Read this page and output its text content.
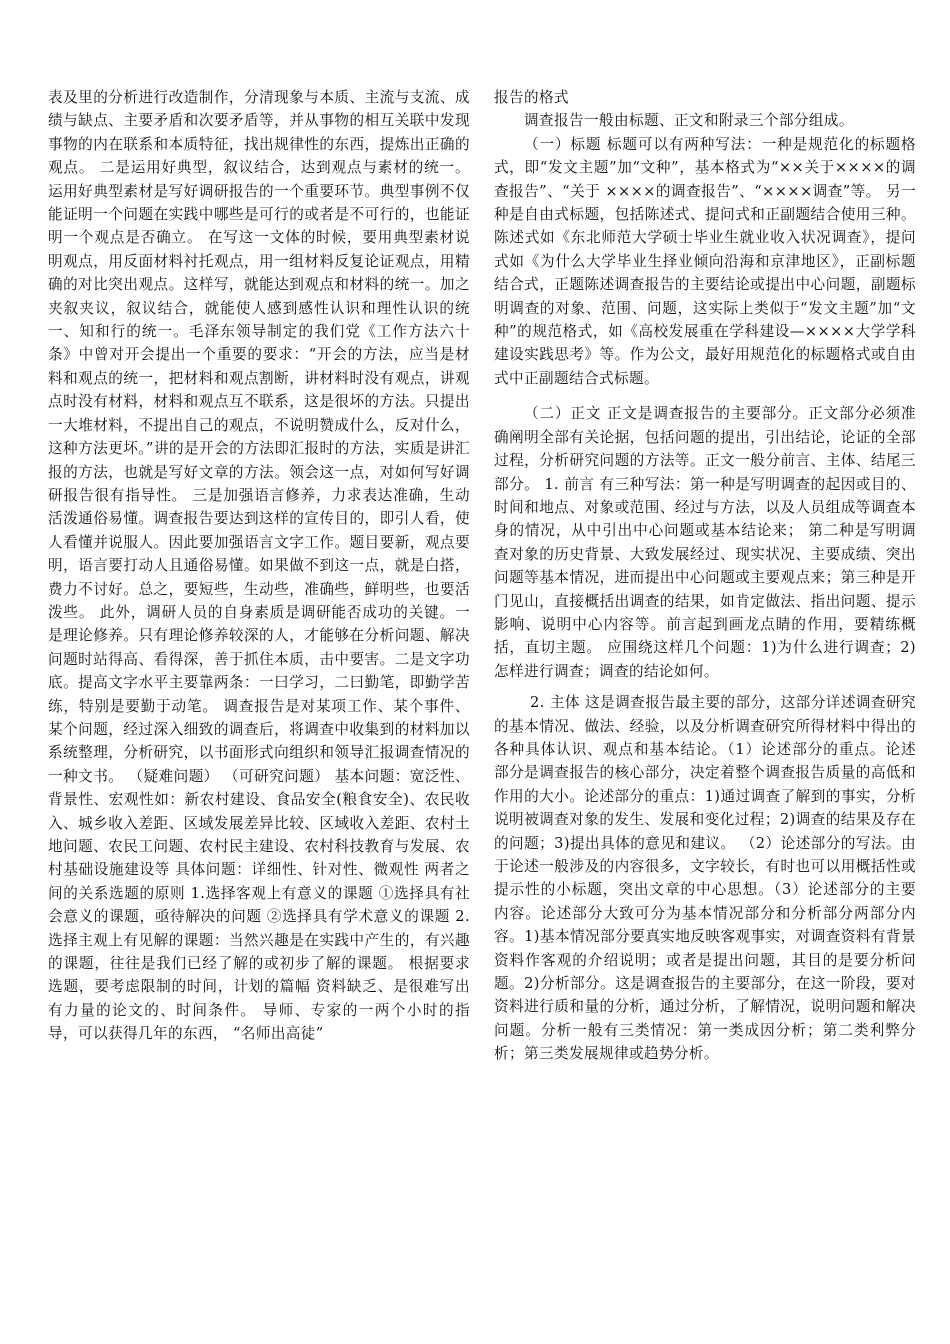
表及里的分析进行改造制作，分清现象与本质、主流与支流、成绩与缺点、主要矛盾和次要矛盾等，并从事物的相互关联中发现事物的内在联系和本质特征，找出规律性的东西，提炼出正确的观点。 二是运用好典型，叙议结合，达到观点与素材的统一。运用好典型素材是写好调研报告的一个重要环节。典型事例不仅能证明一个问题在实践中哪些是可行的或者是不可行的，也能证明一个观点是否确立。 在写这一文体的时候，要用典型素材说明观点，用反面材料衬托观点，用一组材料反复论证观点，用精确的对比突出观点。这样写，就能达到观点和材料的统一。加之夹叙夹议，叙议结合，就能使人感到感性认识和理性认识的统一、知和行的统一。毛泽东领导制定的我们党《工作方法六十条》中曾对开会提出一个重要的要求：“开会的方法，应当是材料和观点的统一，把材料和观点割断，讲材料时没有观点，讲观点时没有材料，材料和观点互不联系，这是很坏的方法。只提出一大堆材料，不提出自己的观点，不说明赞成什么，反对什么，这种方法更坏。”讲的是开会的方法即汇报时的方法，实质是讲汇报的方法，也就是写好文章的方法。领会这一点，对如何写好调研报告很有指导性。 三是加强语言修养，力求表达准确，生动活泼通俗易懂。调查报告要达到这样的宣传目的，即引人看，使人看懂并说服人。因此要加强语言文字工作。题目要新，观点要明，语言要打动人且通俗易懂。如果做不到这一点，就是白搭，费力不讨好。总之，要短些，生动些，准确些，鲜明些，也要活泼些。 此外，调研人员的自身素质是调研能否成功的关键。一是理论修养。只有理论修养较深的人，才能够在分析问题、解决问题时站得高、看得深，善于抓住本质，击中要害。二是文字功底。提高文字水平主要靠两条：一曰学习，二曰勤笔，即勤学苦练，特别是要勤于动笔。 调查报告是对某项工作、某个事件、某个问题，经过深入细致的调查后，将调查中收集到的材料加以系统整理，分析研究，以书面形式向组织和领导汇报调查情况的一种文书。 （疑难问题） （可研究问题） 基本问题：宽泛性、背景性、宏观性如：新农村建设、食品安全(粮食安全)、农民收入、城乡收入差距、区域发展差异比较、区域收入差距、农村土地问题、农民工问题、农村民主建设、农村科技教育与发展、农村基础设施建设等 具体问题：详细性、针对性、微观性 两者之间的关系选题的原则 1.选择客观上有意义的课题 ①选择具有社会意义的课题，亟待解决的问题 ②选择具有学术意义的课题 2.选择主观上有见解的课题：当然兴趣是在实践中产生的，有兴趣的课题，往往是我们已经了解的或初步了解的课题。 根据要求选题，要考虑限制的时间，计划的篇幅 资料缺乏、是很难写出有力量的论文的、时间条件。 导师、专家的一两个小时的指导，可以获得几年的东西， “名师出高徒”

报告的格式

调查报告一般由标题、正文和附录三个部分组成。

（一）标题 标题可以有两种写法：一种是规范化的标题格式，即“发文主题”加“文种”，基本格式为“××关于××××的调查报告”、“关于 ××××的调查报告”、“××××调查”等。 另一种是自由式标题，包括陈述式、提问式和正副题结合使用三种。陈述式如《东北师范大学硕士毕业生就业收入状况调查》，提问式如《为什么大学毕业生择业倾向沿海和京津地区》，正副标题结合式，正题陈述调查报告的主要结论或提出中心问题，副题标明调查的对象、范围、问题，这实际上类似于“发文主题”加“文种”的规范格式，如《高校发展重在学科建设—××××大学学科建设实践思考》等。作为公文，最好用规范化的标题格式或自由式中正副题结合式标题。

（二）正文 正文是调查报告的主要部分。正文部分必须准确阐明全部有关论据，包括问题的提出，引出结论，论证的全部过程，分析研究问题的方法等。正文一般分前言、主体、结尾三部分。 1. 前言 有三种写法：第一种是写明调查的起因或目的、时间和地点、对象或范围、经过与方法，以及人员组成等调查本身的情况，从中引出中心问题或基本结论来； 第二种是写明调查对象的历史背景、大致发展经过、现实状况、主要成绩、突出问题等基本情况，进而提出中心问题或主要观点来；第三种是开门见山，直接概括出调查的结果，如肯定做法、指出问题、提示影响、说明中心内容等。前言起到画龙点睛的作用，要精练概括，直切主题。 应围绕这样几个问题：1)为什么进行调查；2)怎样进行调查；调查的结论如何。

2. 主体 这是调查报告最主要的部分，这部分详述调查研究的基本情况、做法、经验，以及分析调查研究所得材料中得出的各种具体认识、观点和基本结论。（1）论述部分的重点。论述部分是调查报告的核心部分，决定着整个调查报告质量的高低和作用的大小。论述部分的重点：1)通过调查了解到的事实，分析说明被调查对象的发生、发展和变化过程；2)调查的结果及存在的问题；3)提出具体的意见和建议。 （2）论述部分的写法。由于论述一般涉及的内容很多，文字较长，有时也可以用概括性或提示性的小标题，突出文章的中心思想。（3）论述部分的主要内容。论述部分大致可分为基本情况部分和分析部分两部分内容。1)基本情况部分要真实地反映客观事实，对调查资料有背景资料作客观的介绍说明；或者是提出问题，其目的是要分析问题。2)分析部分。这是调查报告的主要部分，在这一阶段，要对资料进行质和量的分析，通过分析，了解情况，说明问题和解决问题。分析一般有三类情况：第一类成因分析；第二类利弊分析；第三类发展规律或趋势分析。
